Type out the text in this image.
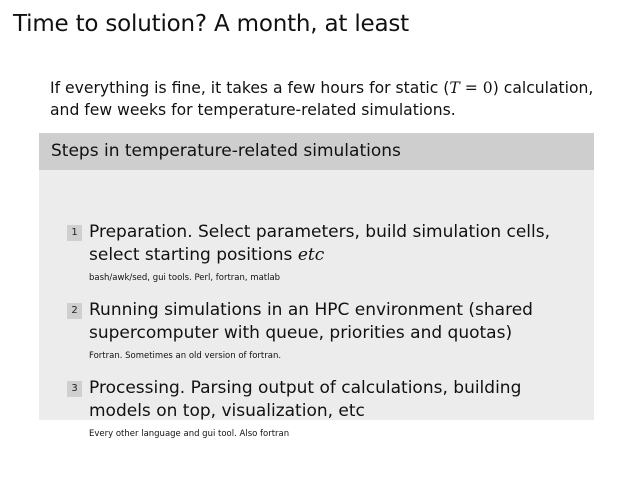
Time to solution? A month, at least
If everything is fine, it takes a few hours for static (T = 0) calculation, and few weeks for temperature-related simulations.
Steps in temperature-related simulations
1 Preparation. Select parameters, build simulation cells, select starting positions etc
bash/awk/sed, gui tools. Perl, fortran, matlab
2 Running simulations in an HPC environment (shared supercomputer with queue, priorities and quotas)
Fortran. Sometimes an old version of fortran.
3 Processing. Parsing output of calculations, building models on top, visualization, etc
Every other language and gui tool. Also fortran
